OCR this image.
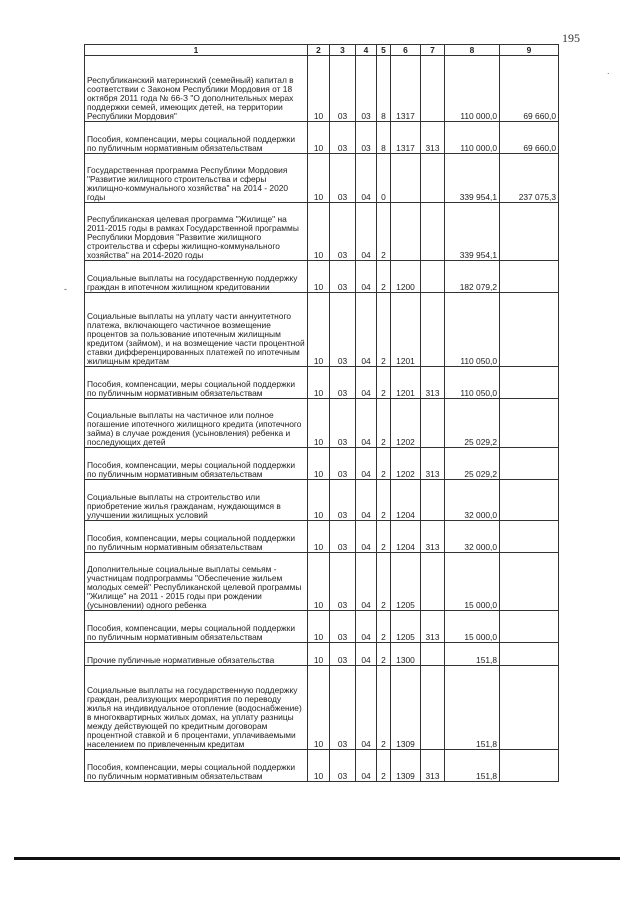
195
.
-
1	2	3	4	5	6	7	8	9
Республиканский материнский (семейный) капитал в соответствии с Законом Республики Мордовия от 18 октября 2011 года № 66-З "О дополнительных мерах поддержки семей, имеющих детей, на территории Республики Мордовия"	10	03	03	8	1317		110 000,0	69 660,0
Пособия, компенсации, меры социальной поддержки по публичным нормативным обязательствам	10	03	03	8	1317	313	110 000,0	69 660,0
Государственная программа Республики Мордовия "Развитие жилищного строительства и сферы жилищно-коммунального хозяйства" на 2014 - 2020 годы	10	03	04	0			339 954,1	237 075,3
Республиканская целевая программа "Жилище" на 2011-2015 годы в рамках Государственной программы Республики Мордовия "Развитие жилищного строительства и сферы жилищно-коммунального хозяйства" на 2014-2020 годы	10	03	04	2			339 954,1	
Социальные выплаты на государственную поддержку граждан в ипотечном жилищном кредитовании	10	03	04	2	1200		182 079,2	
Социальные выплаты на уплату части аннуитетного платежа, включающего частичное возмещение процентов за пользование ипотечным жилищным кредитом (займом), и на возмещение части процентной ставки дифференцированных платежей по ипотечным жилищным кредитам	10	03	04	2	1201		110 050,0	
Пособия, компенсации, меры социальной поддержки по публичным нормативным обязательствам	10	03	04	2	1201	313	110 050,0	
Социальные выплаты на частичное или полное погашение ипотечного жилищного кредита (ипотечного займа) в случае рождения (усыновления) ребенка и последующих детей	10	03	04	2	1202		25 029,2	
Пособия, компенсации, меры социальной поддержки по публичным нормативным обязательствам	10	03	04	2	1202	313	25 029,2	
Социальные выплаты на строительство или приобретение жилья гражданам, нуждающимся в улучшении жилищных условий	10	03	04	2	1204		32 000,0	
Пособия, компенсации, меры социальной поддержки по публичным нормативным обязательствам	10	03	04	2	1204	313	32 000,0	
Дополнительные социальные выплаты семьям - участницам подпрограммы "Обеспечение жильем молодых семей" Республиканской целевой программы "Жилище" на 2011 - 2015 годы при рождении (усыновлении) одного ребенка	10	03	04	2	1205		15 000,0	
Пособия, компенсации, меры социальной поддержки по публичным нормативным обязательствам	10	03	04	2	1205	313	15 000,0	
Прочие публичные нормативные обязательства	10	03	04	2	1300		151,8	
Социальные выплаты на государственную поддержку граждан, реализующих мероприятия по переводу жилья на индивидуальное отопление (водоснабжение) в многоквартирных жилых домах, на уплату разницы между действующей по кредитным договорам процентной ставкой и 6 процентами, уплачиваемыми населением по привлеченным кредитам	10	03	04	2	1309		151,8	
Пособия, компенсации, меры социальной поддержки по публичным нормативным обязательствам	10	03	04	2	1309	313	151,8	
